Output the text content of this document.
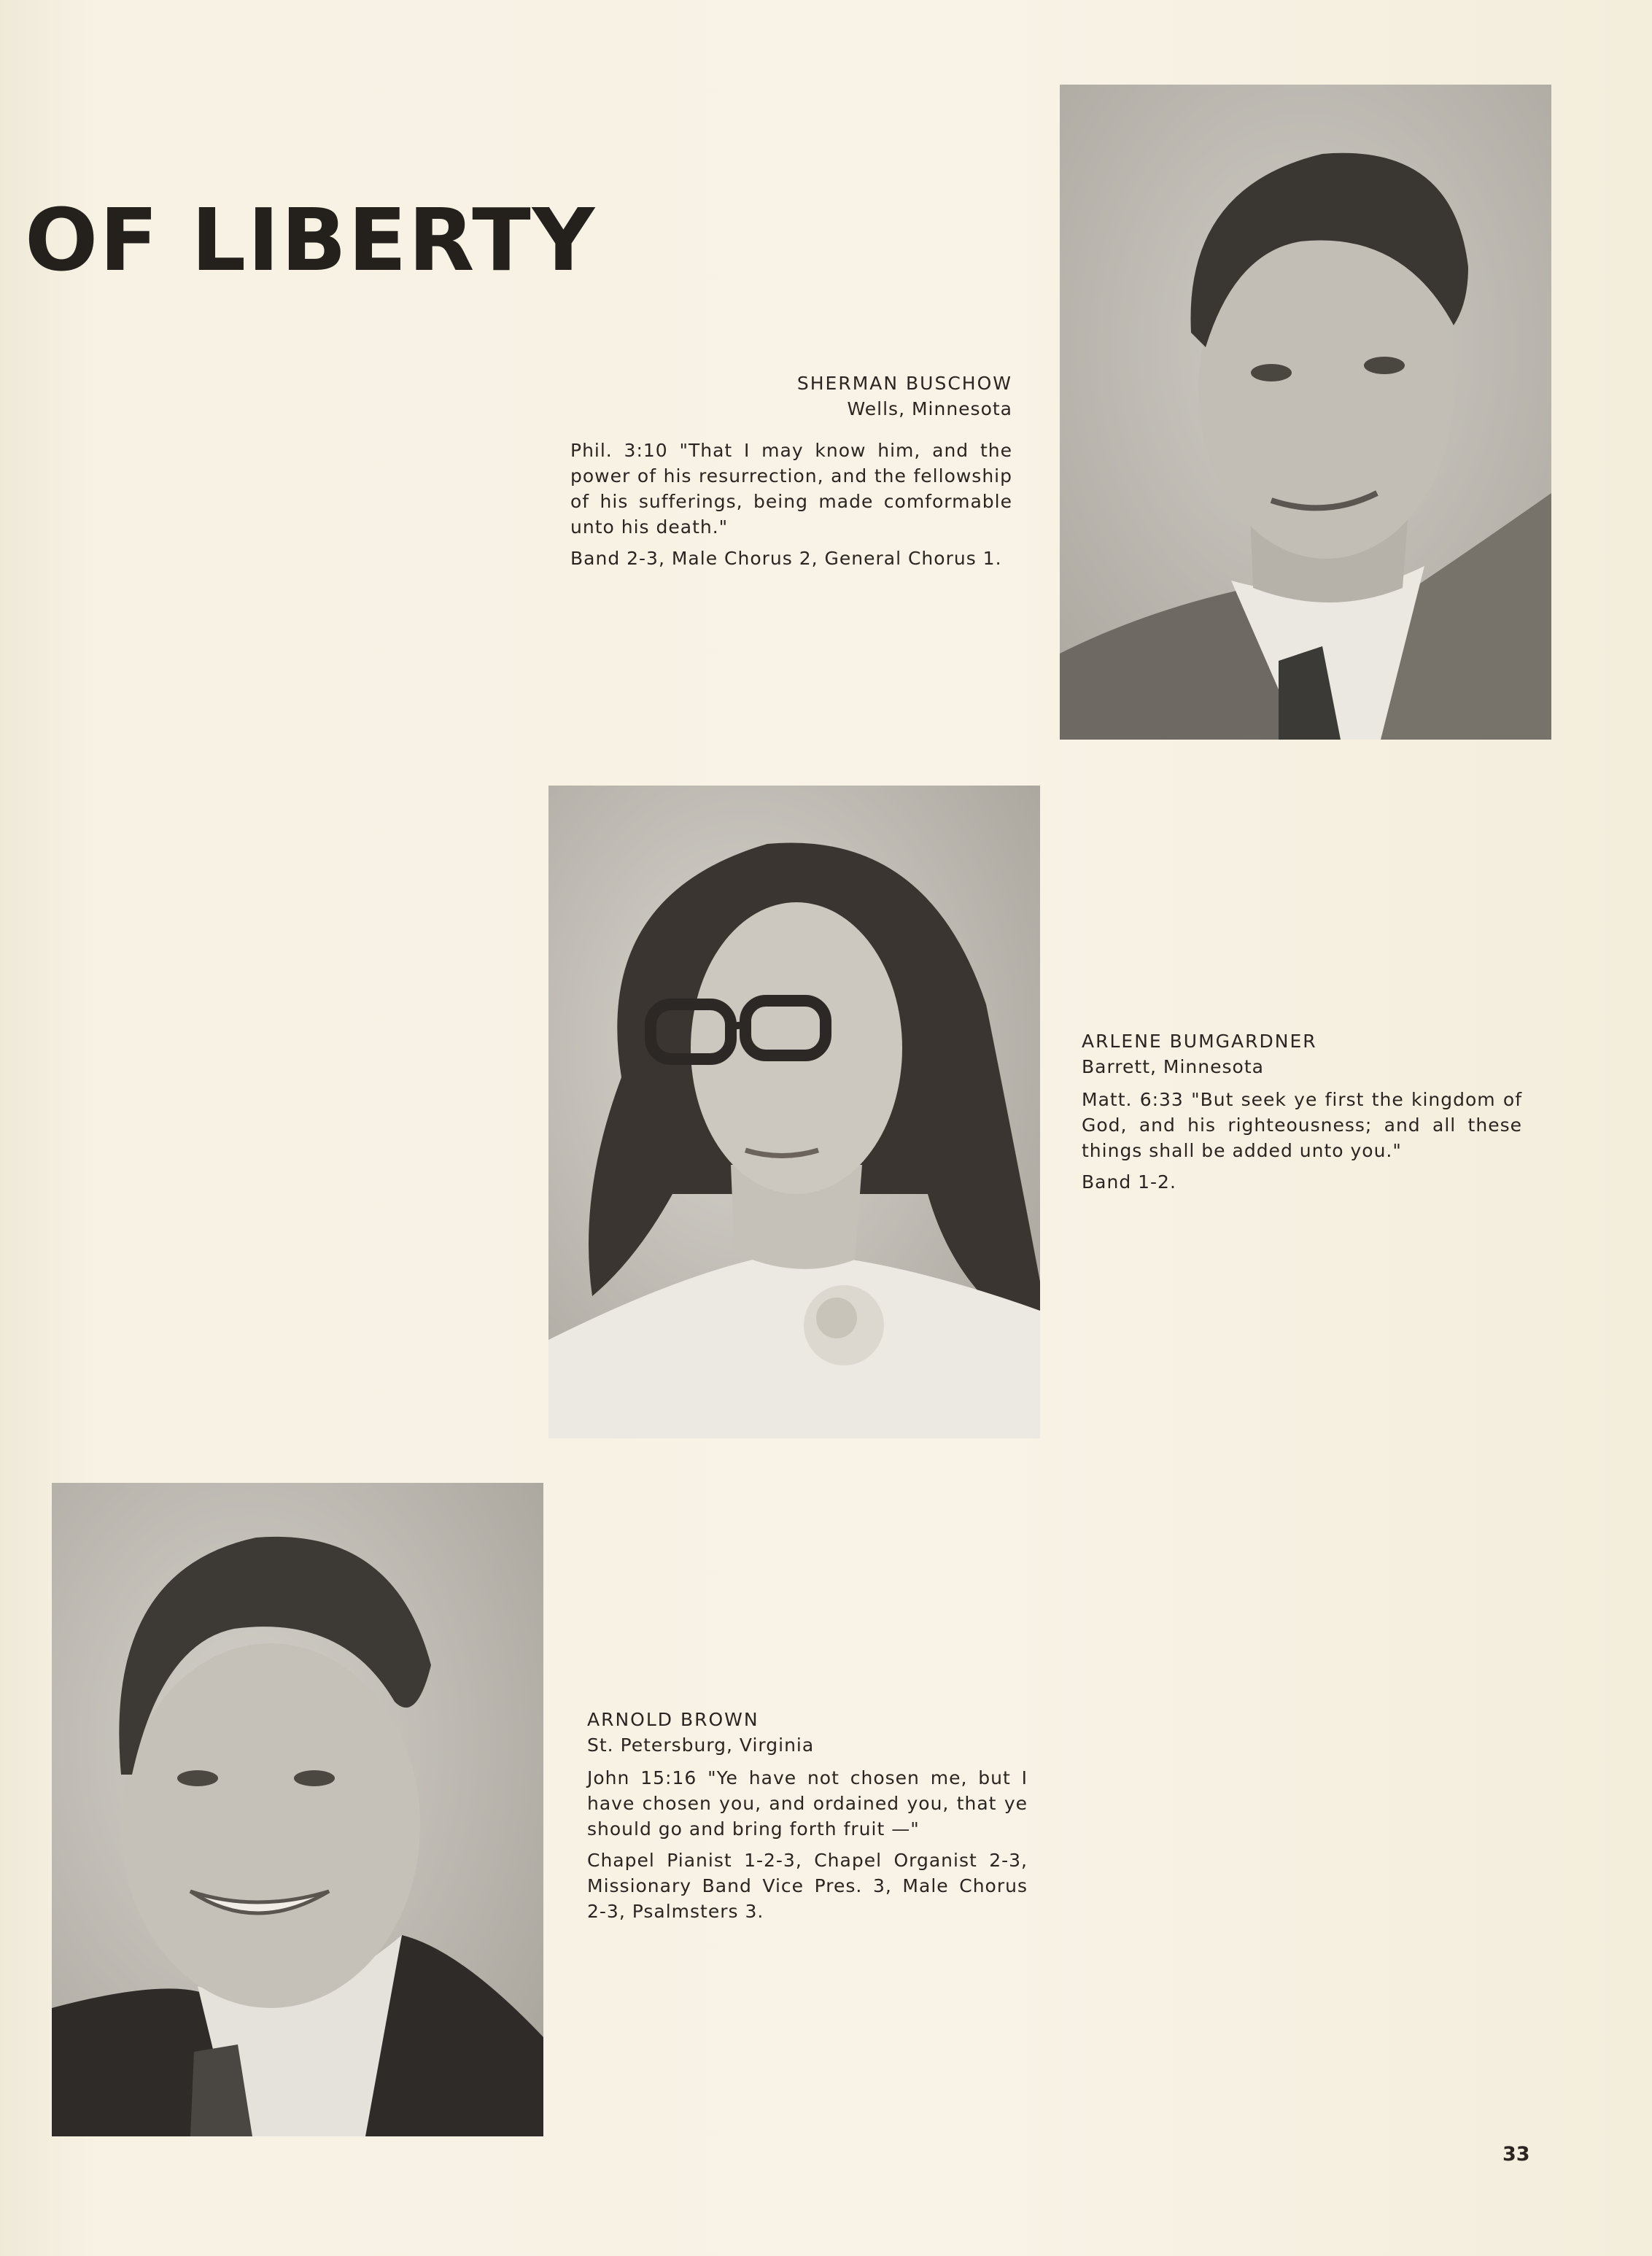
OF LIBERTY

SHERMAN BUSCHOW

Wells, Minnesota

Phil. 3:10 "That I may know him, and the power of his resurrection, and the fellowship of his sufferings, being made comformable unto his death."

Band 2-3, Male Chorus 2, General Chorus 1.

ARLENE BUMGARDNER

Barrett, Minnesota

Matt. 6:33 "But seek ye first the kingdom of God, and his righteousness; and all these things shall be added unto you."

Band 1-2.

ARNOLD BROWN

St. Petersburg, Virginia

John 15:16 "Ye have not chosen me, but I have chosen you, and ordained you, that ye should go and bring forth fruit —"

Chapel Pianist 1-2-3, Chapel Organist 2-3, Missionary Band Vice Pres. 3, Male Chorus 2-3, Psalmsters 3.

33
